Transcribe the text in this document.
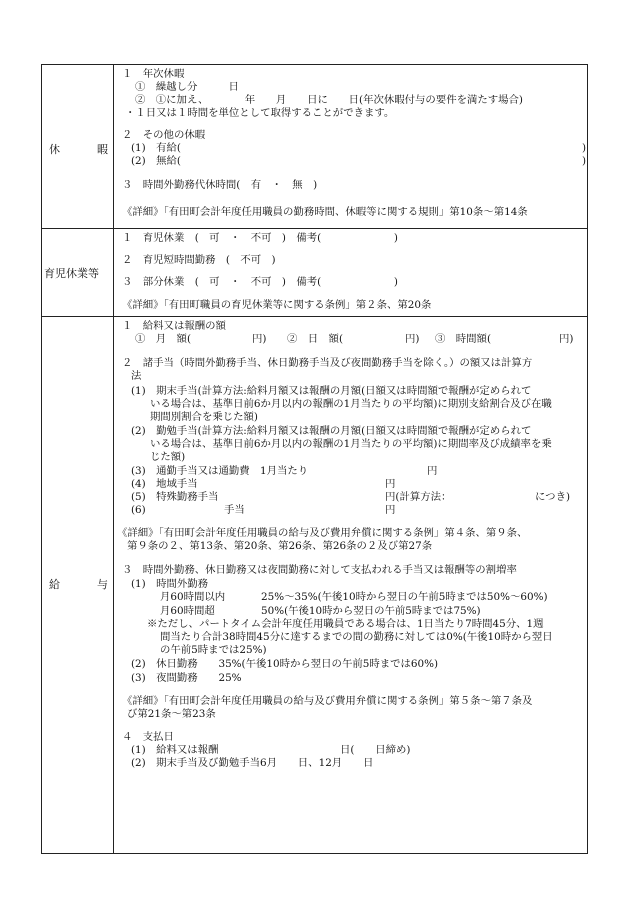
休	暇
１　年次休暇
①　繰越し分　　　日
②　①に加え、　　　　年　　月　　日に　　日(年次休暇付与の要件を満たす場合)
・１日又は１時間を単位として取得することができます。
２　その他の休暇
(1)　有給(	)
(2)　無給(	)
３　時間外勤務代休時間(　有　・　無　)
《詳細》「有田町会計年度任用職員の勤務時間、休暇等に関する規則」第10条～第14条
育児休業等
１　育児休業　(　可　・　不可　)　備考(　　　　　　　)
２　育児短時間勤務　(　不可　)
３　部分休業　(　可　・　不可　)　備考(　　　　　　　)
《詳細》「有田町職員の育児休業等に関する条例」第２条、第20条
給	与
１　給料又は報酬の額
①　月　額(	円) ②　日　額(	円) ③　時間額(	円)
２　諸手当（時間外勤務手当、休日勤務手当及び夜間勤務手当を除く。）の額又は計算方
法
(1)　期末手当(計算方法:給料月額又は報酬の月額(日額又は時間額で報酬が定められて
いる場合は、基準日前6か月以内の報酬の1月当たりの平均額)に期別支給割合及び在職
期間別割合を乗じた額)
(2)　勤勉手当(計算方法:給料月額又は報酬の月額(日額又は時間額で報酬が定められて
いる場合は、基準日前6か月以内の報酬の1月当たりの平均額)に期間率及び成績率を乗
じた額)
(3)　通勤手当又は通勤費　1月当たり	円
(4)　地域手当	円
(5)　特殊勤務手当	円(計算方法：	につき)
(6)	手当	円
《詳細》「有田町会計年度任用職員の給与及び費用弁償に関する条例」第４条、第９条、
第９条の２、第13条、第20条、第26条、第26条の２及び第27条
３　時間外勤務、休日勤務又は夜間勤務に対して支払われる手当又は報酬等の割増率
(1)　時間外勤務
月60時間以内	25%～35%(午後10時から翌日の午前5時までは50%～60%)
月60時間超	50%(午後10時から翌日の午前5時までは75%)
※ただし、パートタイム会計年度任用職員である場合は、1日当たり7時間45分、1週
間当たり合計38時間45分に達するまでの間の勤務に対しては0%(午後10時から翌日
の午前5時までは25%)
(2)　休日勤務　　35%(午後10時から翌日の午前5時までは60%)
(3)　夜間勤務　　25%
《詳細》「有田町会計年度任用職員の給与及び費用弁償に関する条例」第５条～第７条及
び第21条～第23条
４　支払日
(1)　給料又は報酬	日(　　日締め)
(2)　期末手当及び勤勉手当6月　　日、12月　　日
